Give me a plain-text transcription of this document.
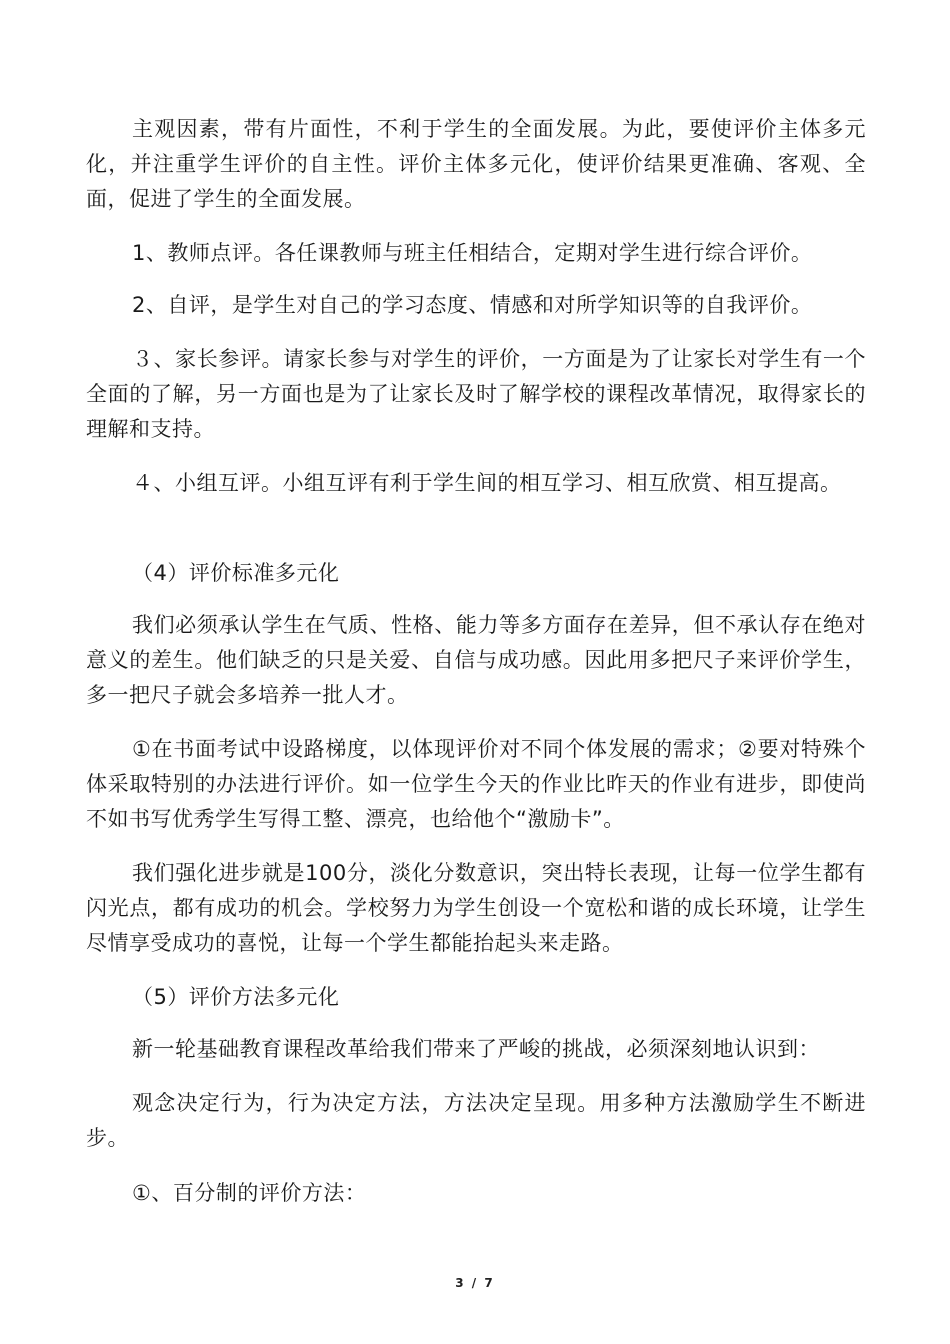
主观因素，带有片面性，不利于学生的全面发展。为此，要使评价主体多元化，并注重学生评价的自主性。评价主体多元化，使评价结果更准确、客观、全面，促进了学生的全面发展。

1、教师点评。各任课教师与班主任相结合，定期对学生进行综合评价。

2、自评，是学生对自己的学习态度、情感和对所学知识等的自我评价。

３、家长参评。请家长参与对学生的评价，一方面是为了让家长对学生有一个全面的了解，另一方面也是为了让家长及时了解学校的课程改革情况，取得家长的理解和支持。

４、小组互评。小组互评有利于学生间的相互学习、相互欣赏、相互提高。

（4）评价标准多元化

我们必须承认学生在气质、性格、能力等多方面存在差异，但不承认存在绝对意义的差生。他们缺乏的只是关爱、自信与成功感。因此用多把尺子来评价学生，多一把尺子就会多培养一批人才。

①在书面考试中设路梯度，以体现评价对不同个体发展的需求；②要对特殊个体采取特别的办法进行评价。如一位学生今天的作业比昨天的作业有进步，即使尚不如书写优秀学生写得工整、漂亮，也给他个“激励卡”。

我们强化进步就是100分，淡化分数意识，突出特长表现，让每一位学生都有闪光点，都有成功的机会。学校努力为学生创设一个宽松和谐的成长环境，让学生尽情享受成功的喜悦，让每一个学生都能抬起头来走路。

（5）评价方法多元化

新一轮基础教育课程改革给我们带来了严峻的挑战，必须深刻地认识到：

观念决定行为，行为决定方法，方法决定呈现。用多种方法激励学生不断进步。

①、百分制的评价方法：

3 / 7
